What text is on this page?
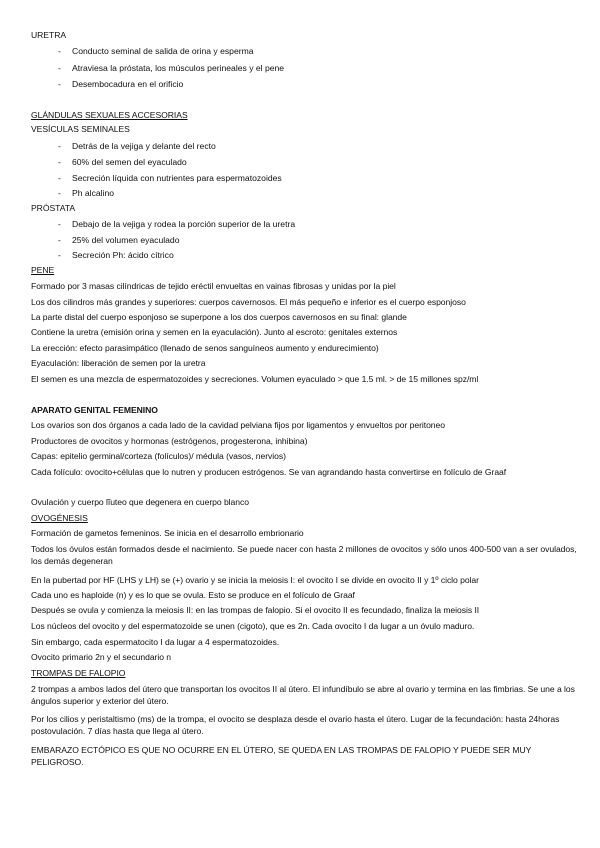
URETRA
- Conducto seminal de salida de orina y esperma
- Atraviesa la próstata, los músculos perineales y el pene
- Desembocadura en el orificio
GLÁNDULAS SEXUALES ACCESORIAS
VESÍCULAS SEMINALES
- Detrás de la vejiga y delante del recto
- 60% del semen del eyaculado
- Secreción líquida con nutrientes para espermatozoides
- Ph alcalino
PRÓSTATA
- Debajo de la vejiga y rodea la porción superior de la uretra
- 25% del volumen eyaculado
- Secreción Ph: ácido cítrico
PENE
Formado por 3 masas cilíndricas de tejido eréctil envueltas en vainas fibrosas y unidas por la piel
Los dos cilindros más grandes y superiores: cuerpos cavernosos. El más pequeño e inferior es el cuerpo esponjoso
La parte distal del cuerpo esponjoso se superpone a los dos cuerpos cavernosos en su final: glande
Contiene la uretra (emisión orina y semen en la eyaculación). Junto al escroto: genitales externos
La erección: efecto parasimpático (llenado de senos sanguíneos aumento y endurecimiento)
Eyaculación: liberación de semen por la uretra
El semen es una mezcla de espermatozoides y secreciones. Volumen eyaculado > que 1.5 ml. > de 15 millones spz/ml
APARATO GENITAL FEMENINO
Los ovarios son dos órganos a cada lado de la cavidad pelviana fijos por ligamentos y envueltos por peritoneo
Productores de ovocitos y hormonas (estrógenos, progesterona, inhibina)
Capas: epitelio germinal/corteza (folículos)/ médula (vasos, nervios)
Cada folículo: ovocito+células que lo nutren y producen estrógenos. Se van agrandando hasta convertirse en folículo de Graaf
Ovulación y cuerpo lĩuteo que degenera en cuerpo blanco
OVOGÉNESIS
Formación de gametos femeninos. Se inicia en el desarrollo embrionario
Todos los óvulos están formados desde el nacimiento. Se puede nacer con hasta 2 millones de ovocitos y sólo unos 400-500 van a ser ovulados, los demás degeneran
En la pubertad por HF (LHS y LH) se (+) ovario y se inicia la meiosis I: el ovocito I se divide en ovocito II y 1º ciclo polar
Cada uno es haploide (n) y es lo que se ovula. Esto se produce en el folículo de Graaf
Después se ovula y comienza la meiosis II: en las trompas de falopio. Si el ovocito II es fecundado, finaliza la meiosis II
Los núcleos del ovocito y del espermatozoide se unen (cigoto), que es 2n. Cada ovocito I da lugar a un óvulo maduro.
Sin embargo, cada espermatocito I da lugar a 4 espermatozoides.
Ovocito primario 2n y el secundario n
TROMPAS DE FALOPIO
2 trompas a ambos lados del útero que transportan los ovocitos II al útero. El infundíbulo se abre al ovario y termina en las fimbrias. Se une a los ángulos superior y exterior del útero.
Por los cilios y peristaltismo (ms) de la trompa, el ovocito se desplaza desde el ovario hasta el útero. Lugar de la fecundación: hasta 24horas postovulación. 7 días hasta que llega al útero.
EMBARAZO ECTÓPICO ES QUE NO OCURRE EN EL ÚTERO, SE QUEDA EN LAS TROMPAS DE FALOPIO Y PUEDE SER MUY PELIGROSO.
